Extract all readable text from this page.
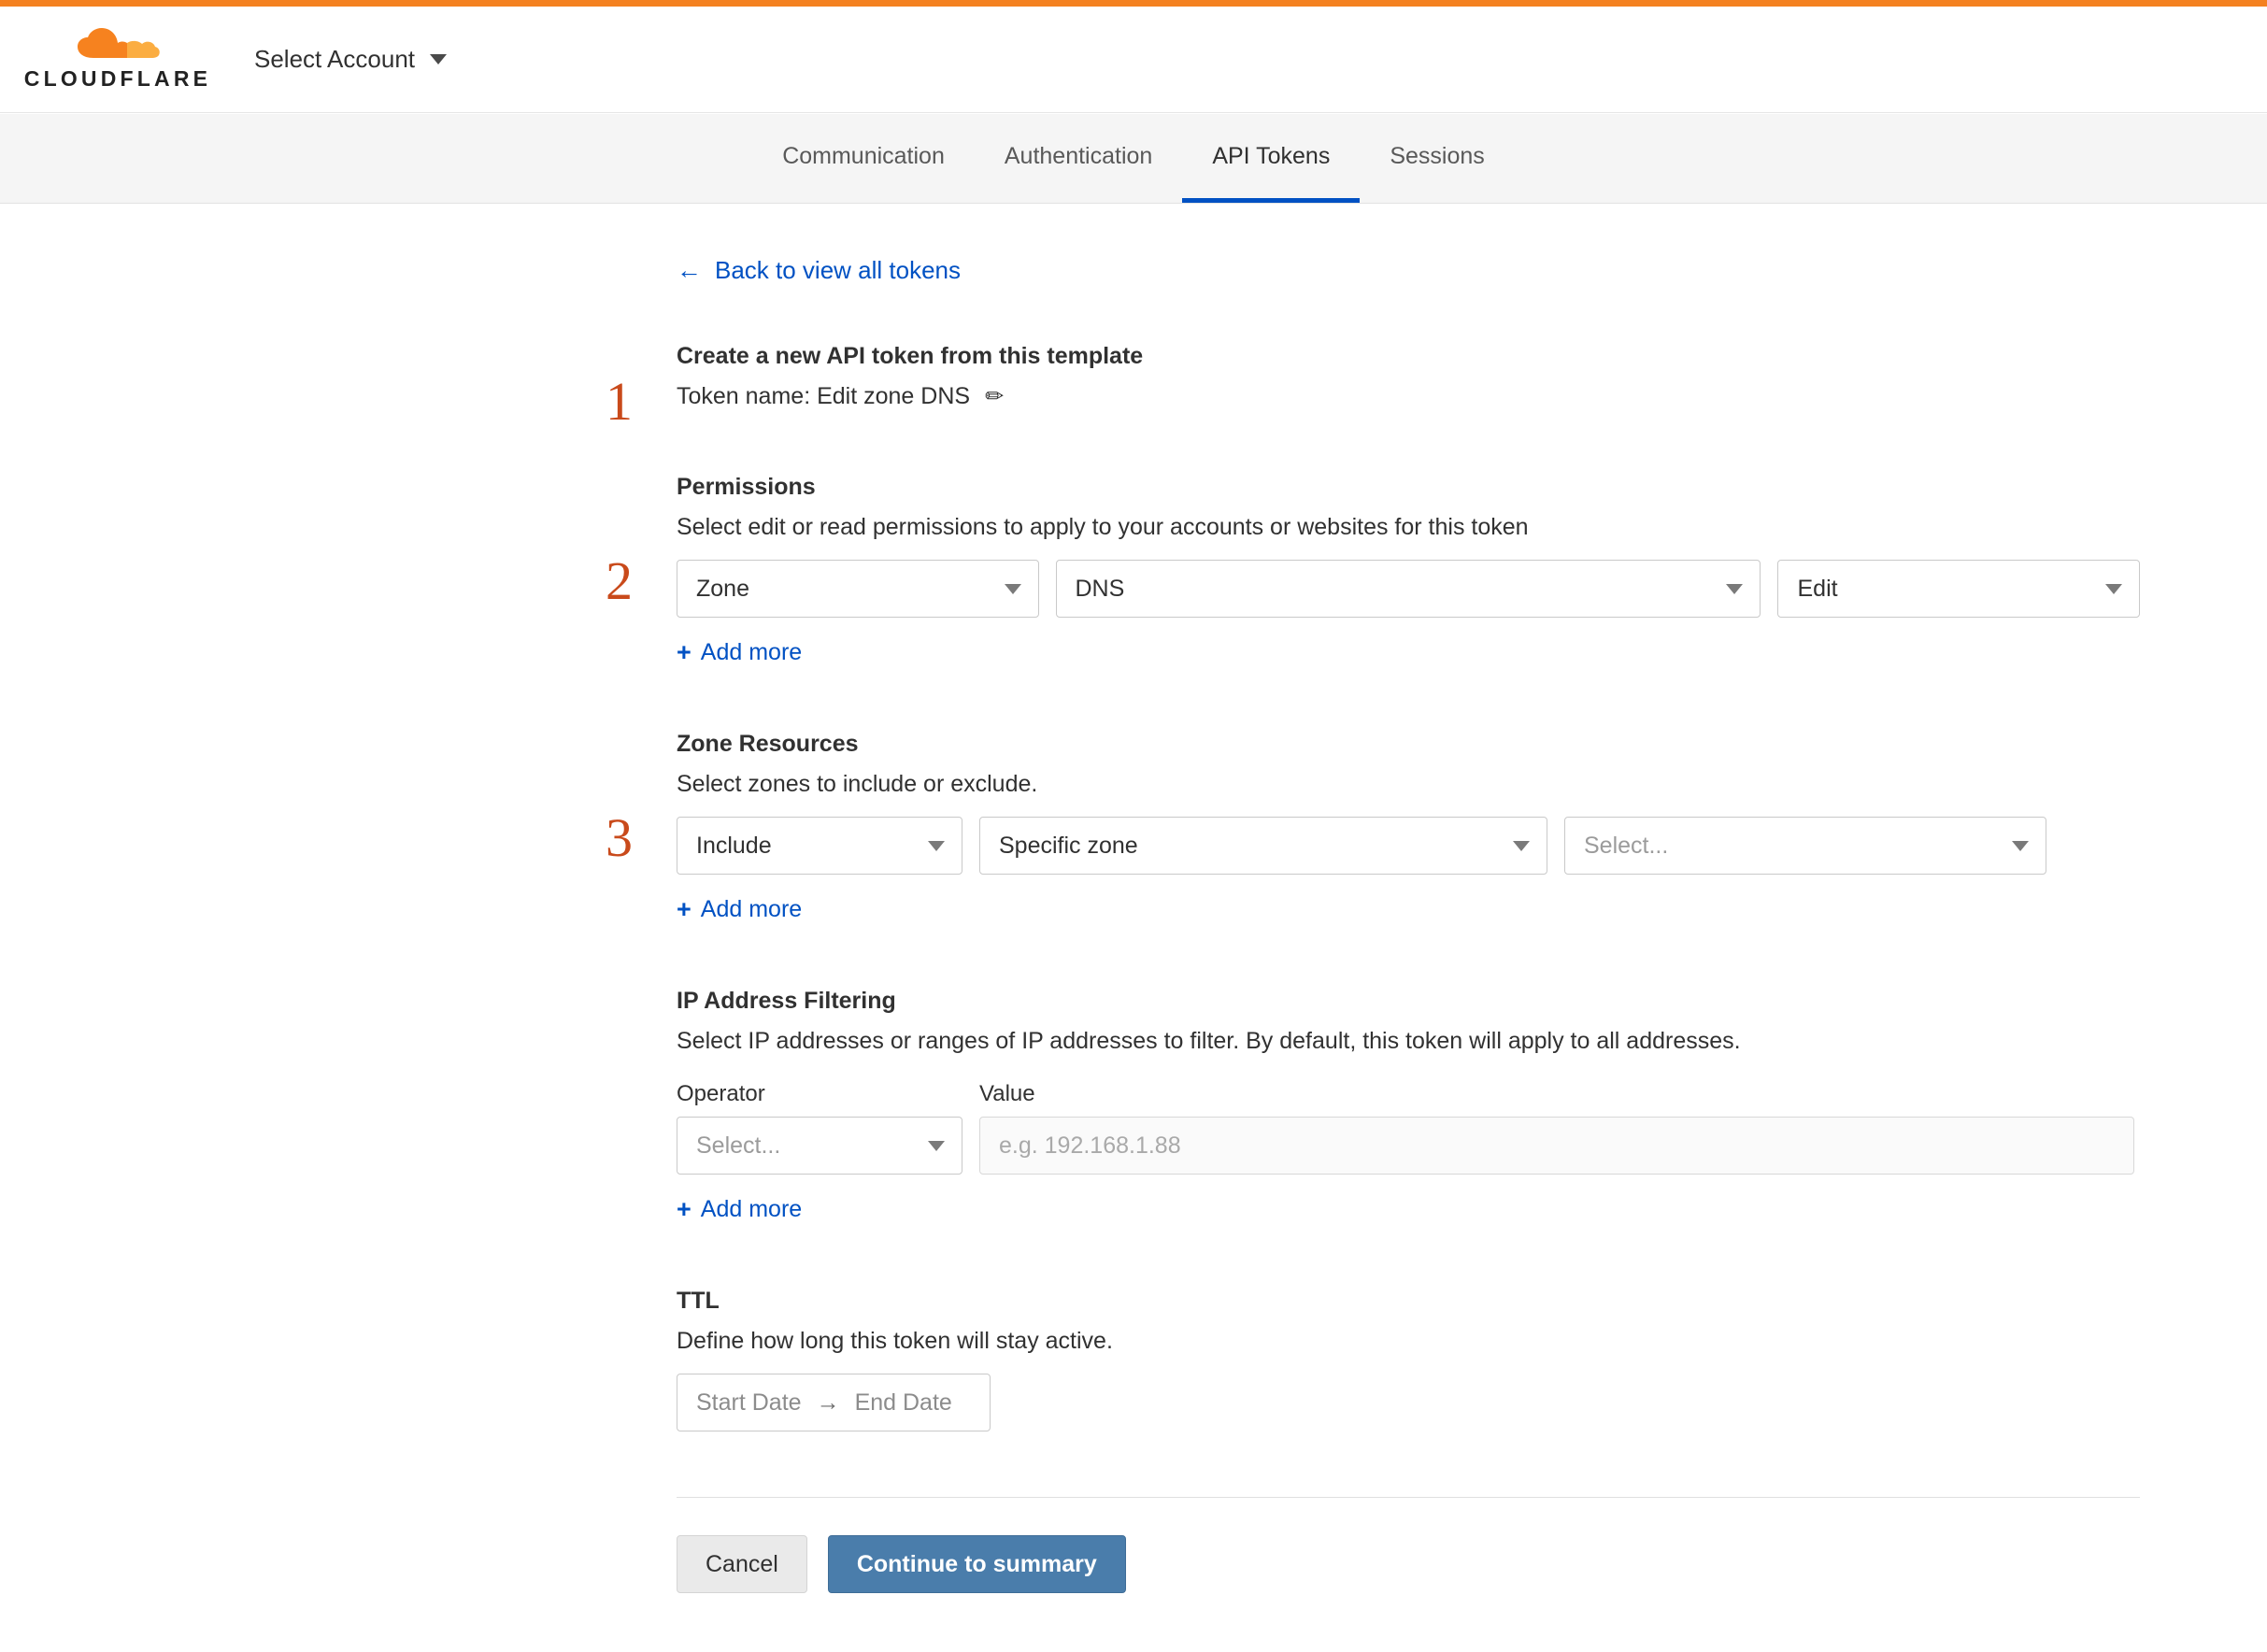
CLOUDFLARE
Select Account
Communication	Authentication	API Tokens	Sessions
← Back to view all tokens
1
Create a new API token from this template
Token name: Edit zone DNS ✏
2
Permissions
Select edit or read permissions to apply to your accounts or websites for this token
Zone	DNS	Edit
+ Add more
3
Zone Resources
Select zones to include or exclude.
Include	Specific zone	Select...
+ Add more
IP Address Filtering
Select IP addresses or ranges of IP addresses to filter. By default, this token will apply to all addresses.
Operator
Select...
Value
e.g. 192.168.1.88
+ Add more
TTL
Define how long this token will stay active.
Start Date → End Date
Cancel	Continue to summary
